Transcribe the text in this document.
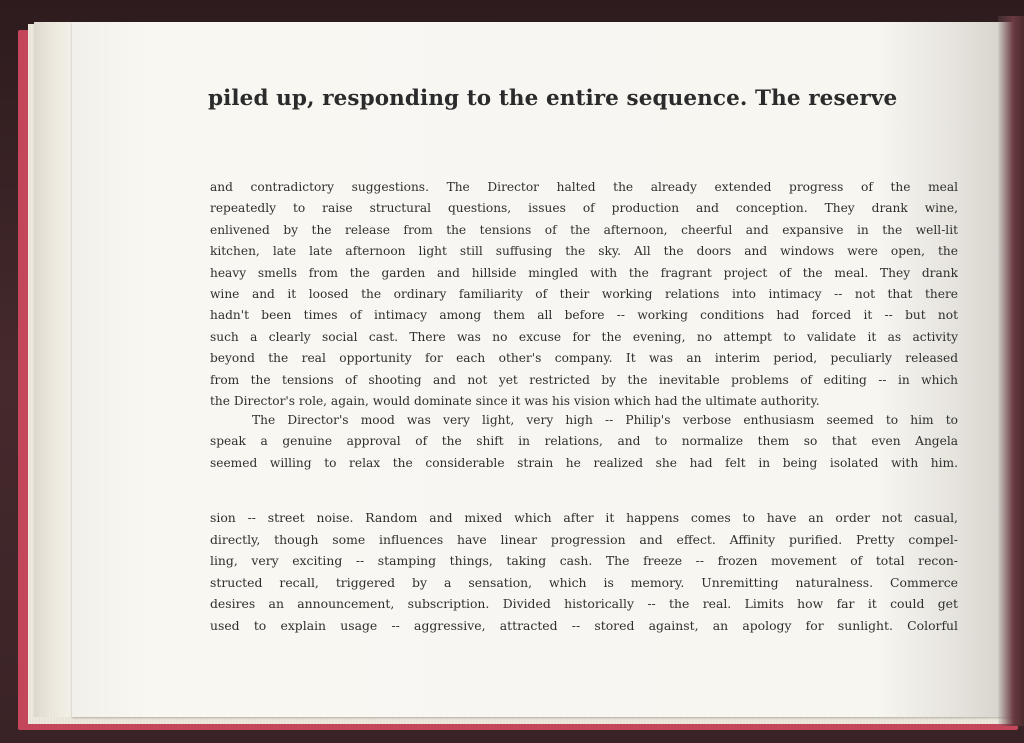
piled up, responding to the entire sequence. The reserve
and contradictory suggestions. The Director halted the already extended progress of the meal
repeatedly to raise structural questions, issues of production and conception. They drank wine,
enlivened by the release from the tensions of the afternoon, cheerful and expansive in the well-lit
kitchen, late late afternoon light still suffusing the sky. All the doors and windows were open, the
heavy smells from the garden and hillside mingled with the fragrant project of the meal. They drank
wine and it loosed the ordinary familiarity of their working relations into intimacy -- not that there
hadn't been times of intimacy among them all before -- working conditions had forced it -- but not
such a clearly social cast. There was no excuse for the evening, no attempt to validate it as activity
beyond the real opportunity for each other's company. It was an interim period, peculiarly released
from the tensions of shooting and not yet restricted by the inevitable problems of editing -- in which
the Director's role, again, would dominate since it was his vision which had the ultimate authority.
The Director's mood was very light, very high -- Philip's verbose enthusiasm seemed to him to
speak a genuine approval of the shift in relations, and to normalize them so that even Angela
seemed willing to relax the considerable strain he realized she had felt in being isolated with him.
sion -- street noise. Random and mixed which after it happens comes to have an order not casual,
directly, though some influences have linear progression and effect. Affinity purified. Pretty compel-
ling, very exciting -- stamping things, taking cash. The freeze -- frozen movement of total recon-
structed recall, triggered by a sensation, which is memory. Unremitting naturalness. Commerce
desires an announcement, subscription. Divided historically -- the real. Limits how far it could get
used to explain usage -- aggressive, attracted -- stored against, an apology for sunlight. Colorful
